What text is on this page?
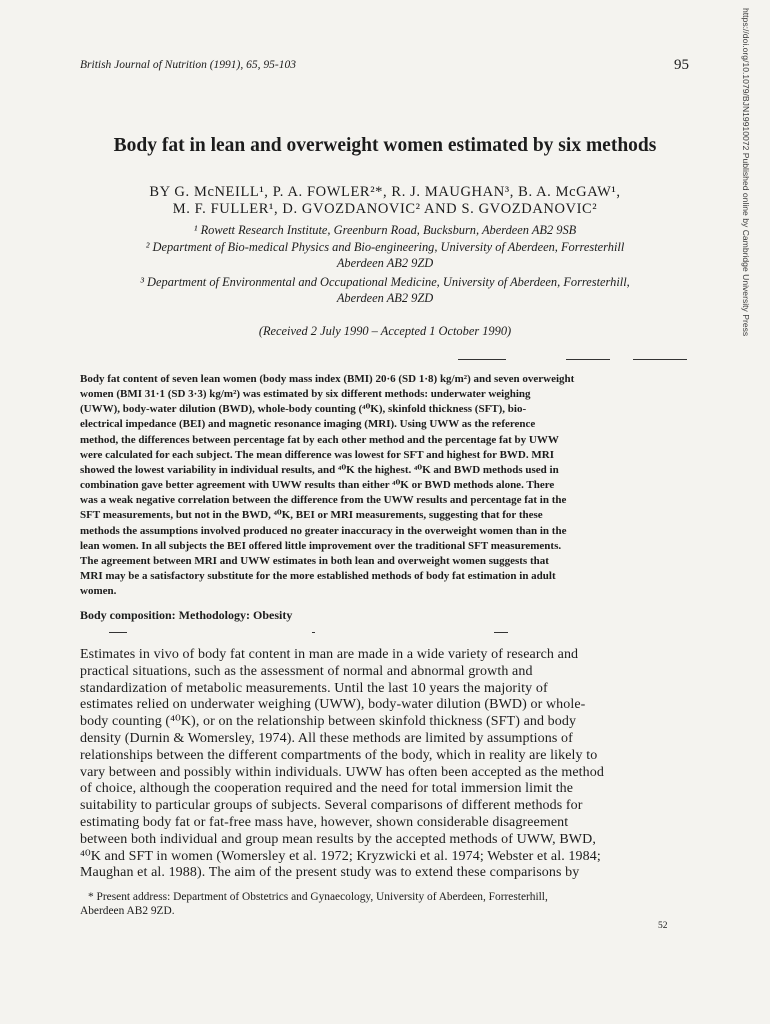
https://doi.org/10.1079/BJN19910072 Published online by Cambridge University Press
British Journal of Nutrition (1991), 65, 95-103	95
Body fat in lean and overweight women estimated by six methods
BY G. McNEILL¹, P. A. FOWLER²*, R. J. MAUGHAN³, B. A. McGAW¹,
M. F. FULLER¹, D. GVOZDANOVIC² AND S. GVOZDANOVIC²
¹ Rowett Research Institute, Greenburn Road, Bucksburn, Aberdeen AB2 9SB
² Department of Bio-medical Physics and Bio-engineering, University of Aberdeen, Forresterhill
Aberdeen AB2 9ZD
³ Department of Environmental and Occupational Medicine, University of Aberdeen, Forresterhill,
Aberdeen AB2 9ZD
(Received 2 July 1990 – Accepted 1 October 1990)
Body fat content of seven lean women (body mass index (BMI) 20·6 (SD 1·8) kg/m²) and seven overweight
women (BMI 31·1 (SD 3·3) kg/m²) was estimated by six different methods: underwater weighing
(UWW), body-water dilution (BWD), whole-body counting (⁴⁰K), skinfold thickness (SFT), bio-
electrical impedance (BEI) and magnetic resonance imaging (MRI). Using UWW as the reference
method, the differences between percentage fat by each other method and the percentage fat by UWW
were calculated for each subject. The mean difference was lowest for SFT and highest for BWD. MRI
showed the lowest variability in individual results, and ⁴⁰K the highest. ⁴⁰K and BWD methods used in
combination gave better agreement with UWW results than either ⁴⁰K or BWD methods alone. There
was a weak negative correlation between the difference from the UWW results and percentage fat in the
SFT measurements, but not in the BWD, ⁴⁰K, BEI or MRI measurements, suggesting that for these
methods the assumptions involved produced no greater inaccuracy in the overweight women than in the
lean women. In all subjects the BEI offered little improvement over the traditional SFT measurements.
The agreement between MRI and UWW estimates in both lean and overweight women suggests that
MRI may be a satisfactory substitute for the more established methods of body fat estimation in adult
women.
Body composition: Methodology: Obesity
Estimates in vivo of body fat content in man are made in a wide variety of research and
practical situations, such as the assessment of normal and abnormal growth and
standardization of metabolic measurements. Until the last 10 years the majority of
estimates relied on underwater weighing (UWW), body-water dilution (BWD) or whole-
body counting (⁴⁰K), or on the relationship between skinfold thickness (SFT) and body
density (Durnin & Womersley, 1974). All these methods are limited by assumptions of
relationships between the different compartments of the body, which in reality are likely to
vary between and possibly within individuals. UWW has often been accepted as the method
of choice, although the cooperation required and the need for total immersion limit the
suitability to particular groups of subjects. Several comparisons of different methods for
estimating body fat or fat-free mass have, however, shown considerable disagreement
between both individual and group mean results by the accepted methods of UWW, BWD,
⁴⁰K and SFT in women (Womersley et al. 1972; Kryzwicki et al. 1974; Webster et al. 1984;
Maughan et al. 1988). The aim of the present study was to extend these comparisons by
* Present address: Department of Obstetrics and Gynaecology, University of Aberdeen, Forresterhill,
Aberdeen AB2 9ZD.
52
